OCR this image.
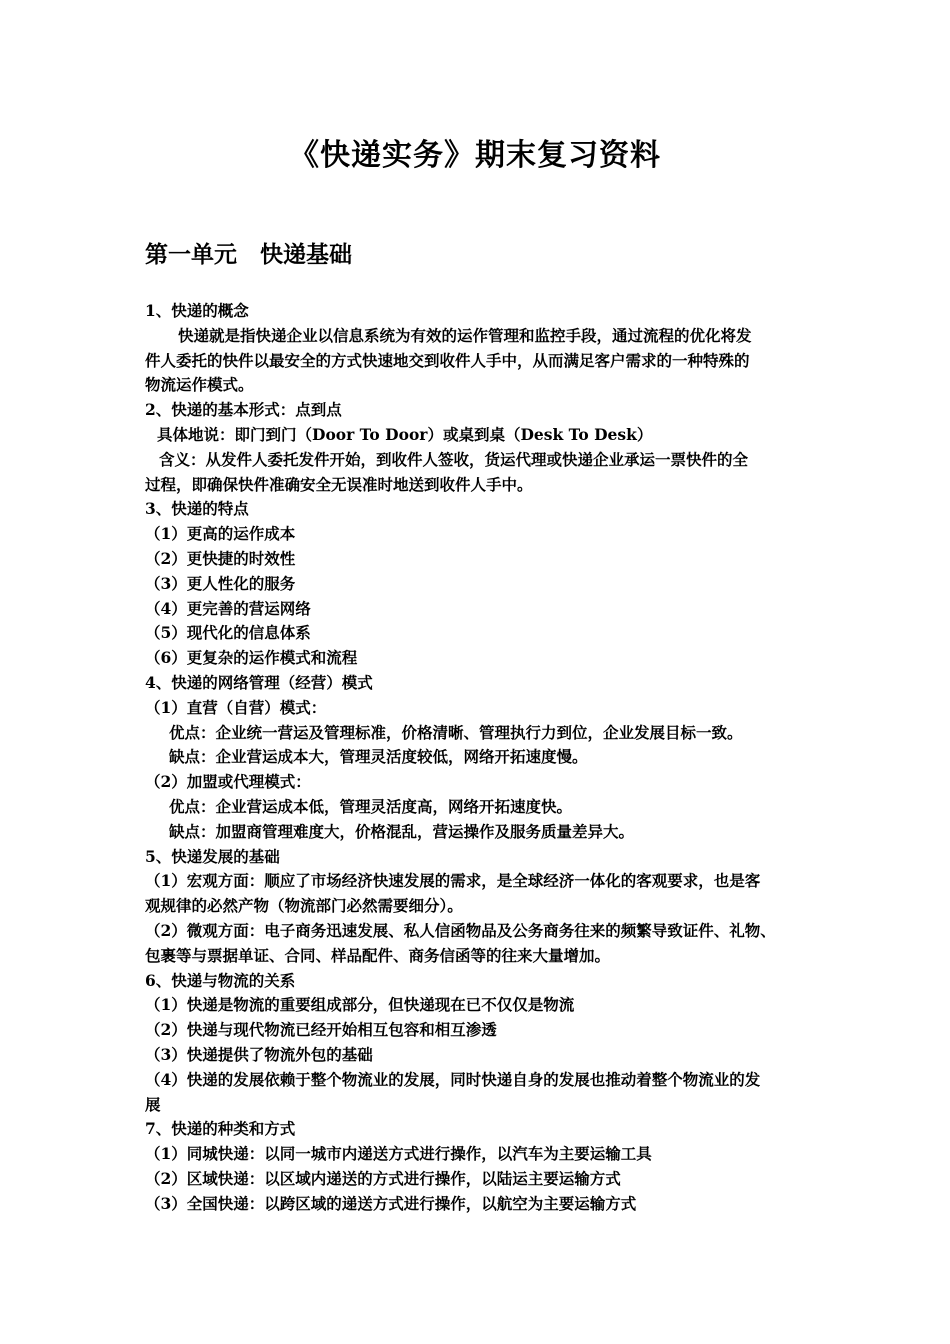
《快递实务》期末复习资料
第一单元　快递基础
1、快递的概念
快递就是指快递企业以信息系统为有效的运作管理和监控手段，通过流程的优化将发
件人委托的快件以最安全的方式快速地交到收件人手中，从而满足客户需求的一种特殊的
物流运作模式。
2、快递的基本形式：点到点
具体地说：即门到门（Door To Door）或桌到桌（Desk To Desk）
含义：从发件人委托发件开始，到收件人签收，货运代理或快递企业承运一票快件的全
过程，即确保快件准确安全无误准时地送到收件人手中。
3、快递的特点
（1）更高的运作成本
（2）更快捷的时效性
（3）更人性化的服务
（4）更完善的营运网络
（5）现代化的信息体系
（6）更复杂的运作模式和流程
4、快递的网络管理（经营）模式
（1）直营（自营）模式：
优点：企业统一营运及管理标准，价格清晰、管理执行力到位，企业发展目标一致。
缺点：企业营运成本大，管理灵活度较低，网络开拓速度慢。
（2）加盟或代理模式：
优点：企业营运成本低，管理灵活度高，网络开拓速度快。
缺点：加盟商管理难度大，价格混乱，营运操作及服务质量差异大。
5、快递发展的基础
（1）宏观方面：顺应了市场经济快速发展的需求，是全球经济一体化的客观要求，也是客
观规律的必然产物（物流部门必然需要细分）。
（2）微观方面：电子商务迅速发展、私人信函物品及公务商务往来的频繁导致证件、礼物、
包裹等与票据单证、合同、样品配件、商务信函等的往来大量增加。
6、快递与物流的关系
（1）快递是物流的重要组成部分，但快递现在已不仅仅是物流
（2）快递与现代物流已经开始相互包容和相互渗透
（3）快递提供了物流外包的基础
（4）快递的发展依赖于整个物流业的发展，同时快递自身的发展也推动着整个物流业的发
展
7、快递的种类和方式
（1）同城快递：以同一城市内递送方式进行操作，以汽车为主要运输工具
（2）区域快递：以区域内递送的方式进行操作，以陆运主要运输方式
（3）全国快递：以跨区域的递送方式进行操作，以航空为主要运输方式
